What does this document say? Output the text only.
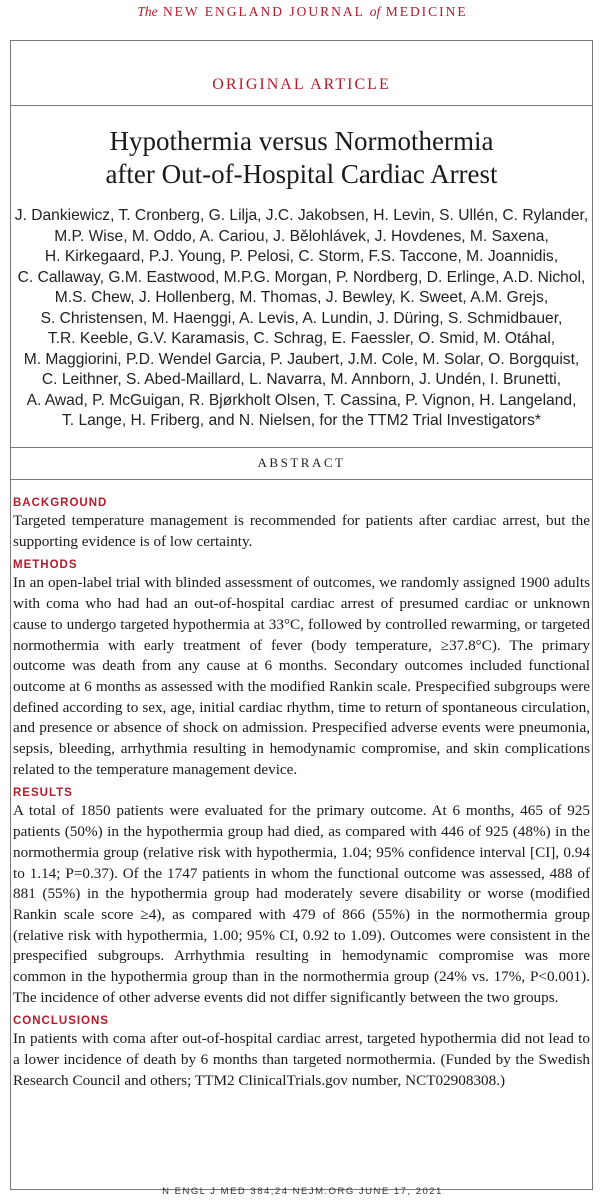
The NEW ENGLAND JOURNAL of MEDICINE
ORIGINAL ARTICLE
Hypothermia versus Normothermia
after Out-of-Hospital Cardiac Arrest
J. Dankiewicz, T. Cronberg, G. Lilja, J.C. Jakobsen, H. Levin, S. Ullén, C. Rylander,
M.P. Wise, M. Oddo, A. Cariou, J. Bělohlávek, J. Hovdenes, M. Saxena,
H. Kirkegaard, P.J. Young, P. Pelosi, C. Storm, F.S. Taccone, M. Joannidis,
C. Callaway, G.M. Eastwood, M.P.G. Morgan, P. Nordberg, D. Erlinge, A.D. Nichol,
M.S. Chew, J. Hollenberg, M. Thomas, J. Bewley, K. Sweet, A.M. Grejs,
S. Christensen, M. Haenggi, A. Levis, A. Lundin, J. Düring, S. Schmidbauer,
T.R. Keeble, G.V. Karamasis, C. Schrag, E. Faessler, O. Smid, M. Otáhal,
M. Maggiorini, P.D. Wendel Garcia, P. Jaubert, J.M. Cole, M. Solar, O. Borgquist,
C. Leithner, S. Abed-Maillard, L. Navarra, M. Annborn, J. Undén, I. Brunetti,
A. Awad, P. McGuigan, R. Bjørkholt Olsen, T. Cassina, P. Vignon, H. Langeland,
T. Lange, H. Friberg, and N. Nielsen, for the TTM2 Trial Investigators*
ABSTRACT
BACKGROUND

Targeted temperature management is recommended for patients after cardiac arrest, but the supporting evidence is of low certainty.

METHODS

In an open-label trial with blinded assessment of outcomes, we randomly assigned 1900 adults with coma who had had an out-of-hospital cardiac arrest of presumed cardiac or unknown cause to undergo targeted hypothermia at 33°C, followed by controlled rewarming, or targeted normothermia with early treatment of fever (body temperature, ≥37.8°C). The primary outcome was death from any cause at 6 months. Secondary outcomes included functional outcome at 6 months as assessed with the modified Rankin scale. Prespecified subgroups were defined according to sex, age, initial cardiac rhythm, time to return of spontaneous circulation, and presence or absence of shock on admission. Prespecified adverse events were pneumonia, sepsis, bleeding, arrhythmia resulting in hemodynamic compromise, and skin complications related to the temperature management device.

RESULTS

A total of 1850 patients were evaluated for the primary outcome. At 6 months, 465 of 925 patients (50%) in the hypothermia group had died, as compared with 446 of 925 (48%) in the normothermia group (relative risk with hypothermia, 1.04; 95% confidence interval [CI], 0.94 to 1.14; P=0.37). Of the 1747 patients in whom the functional outcome was assessed, 488 of 881 (55%) in the hypothermia group had moderately severe disability or worse (modified Rankin scale score ≥4), as compared with 479 of 866 (55%) in the normothermia group (relative risk with hypothermia, 1.00; 95% CI, 0.92 to 1.09). Outcomes were consistent in the prespecified subgroups. Arrhythmia resulting in hemodynamic compromise was more common in the hypothermia group than in the normothermia group (24% vs. 17%, P<0.001). The incidence of other adverse events did not differ significantly between the two groups.

CONCLUSIONS

In patients with coma after out-of-hospital cardiac arrest, targeted hypothermia did not lead to a lower incidence of death by 6 months than targeted normothermia. (Funded by the Swedish Research Council and others; TTM2 ClinicalTrials.gov number, NCT02908308.)

N ENGL J MED 384;24 NEJM.ORG JUNE 17, 2021
